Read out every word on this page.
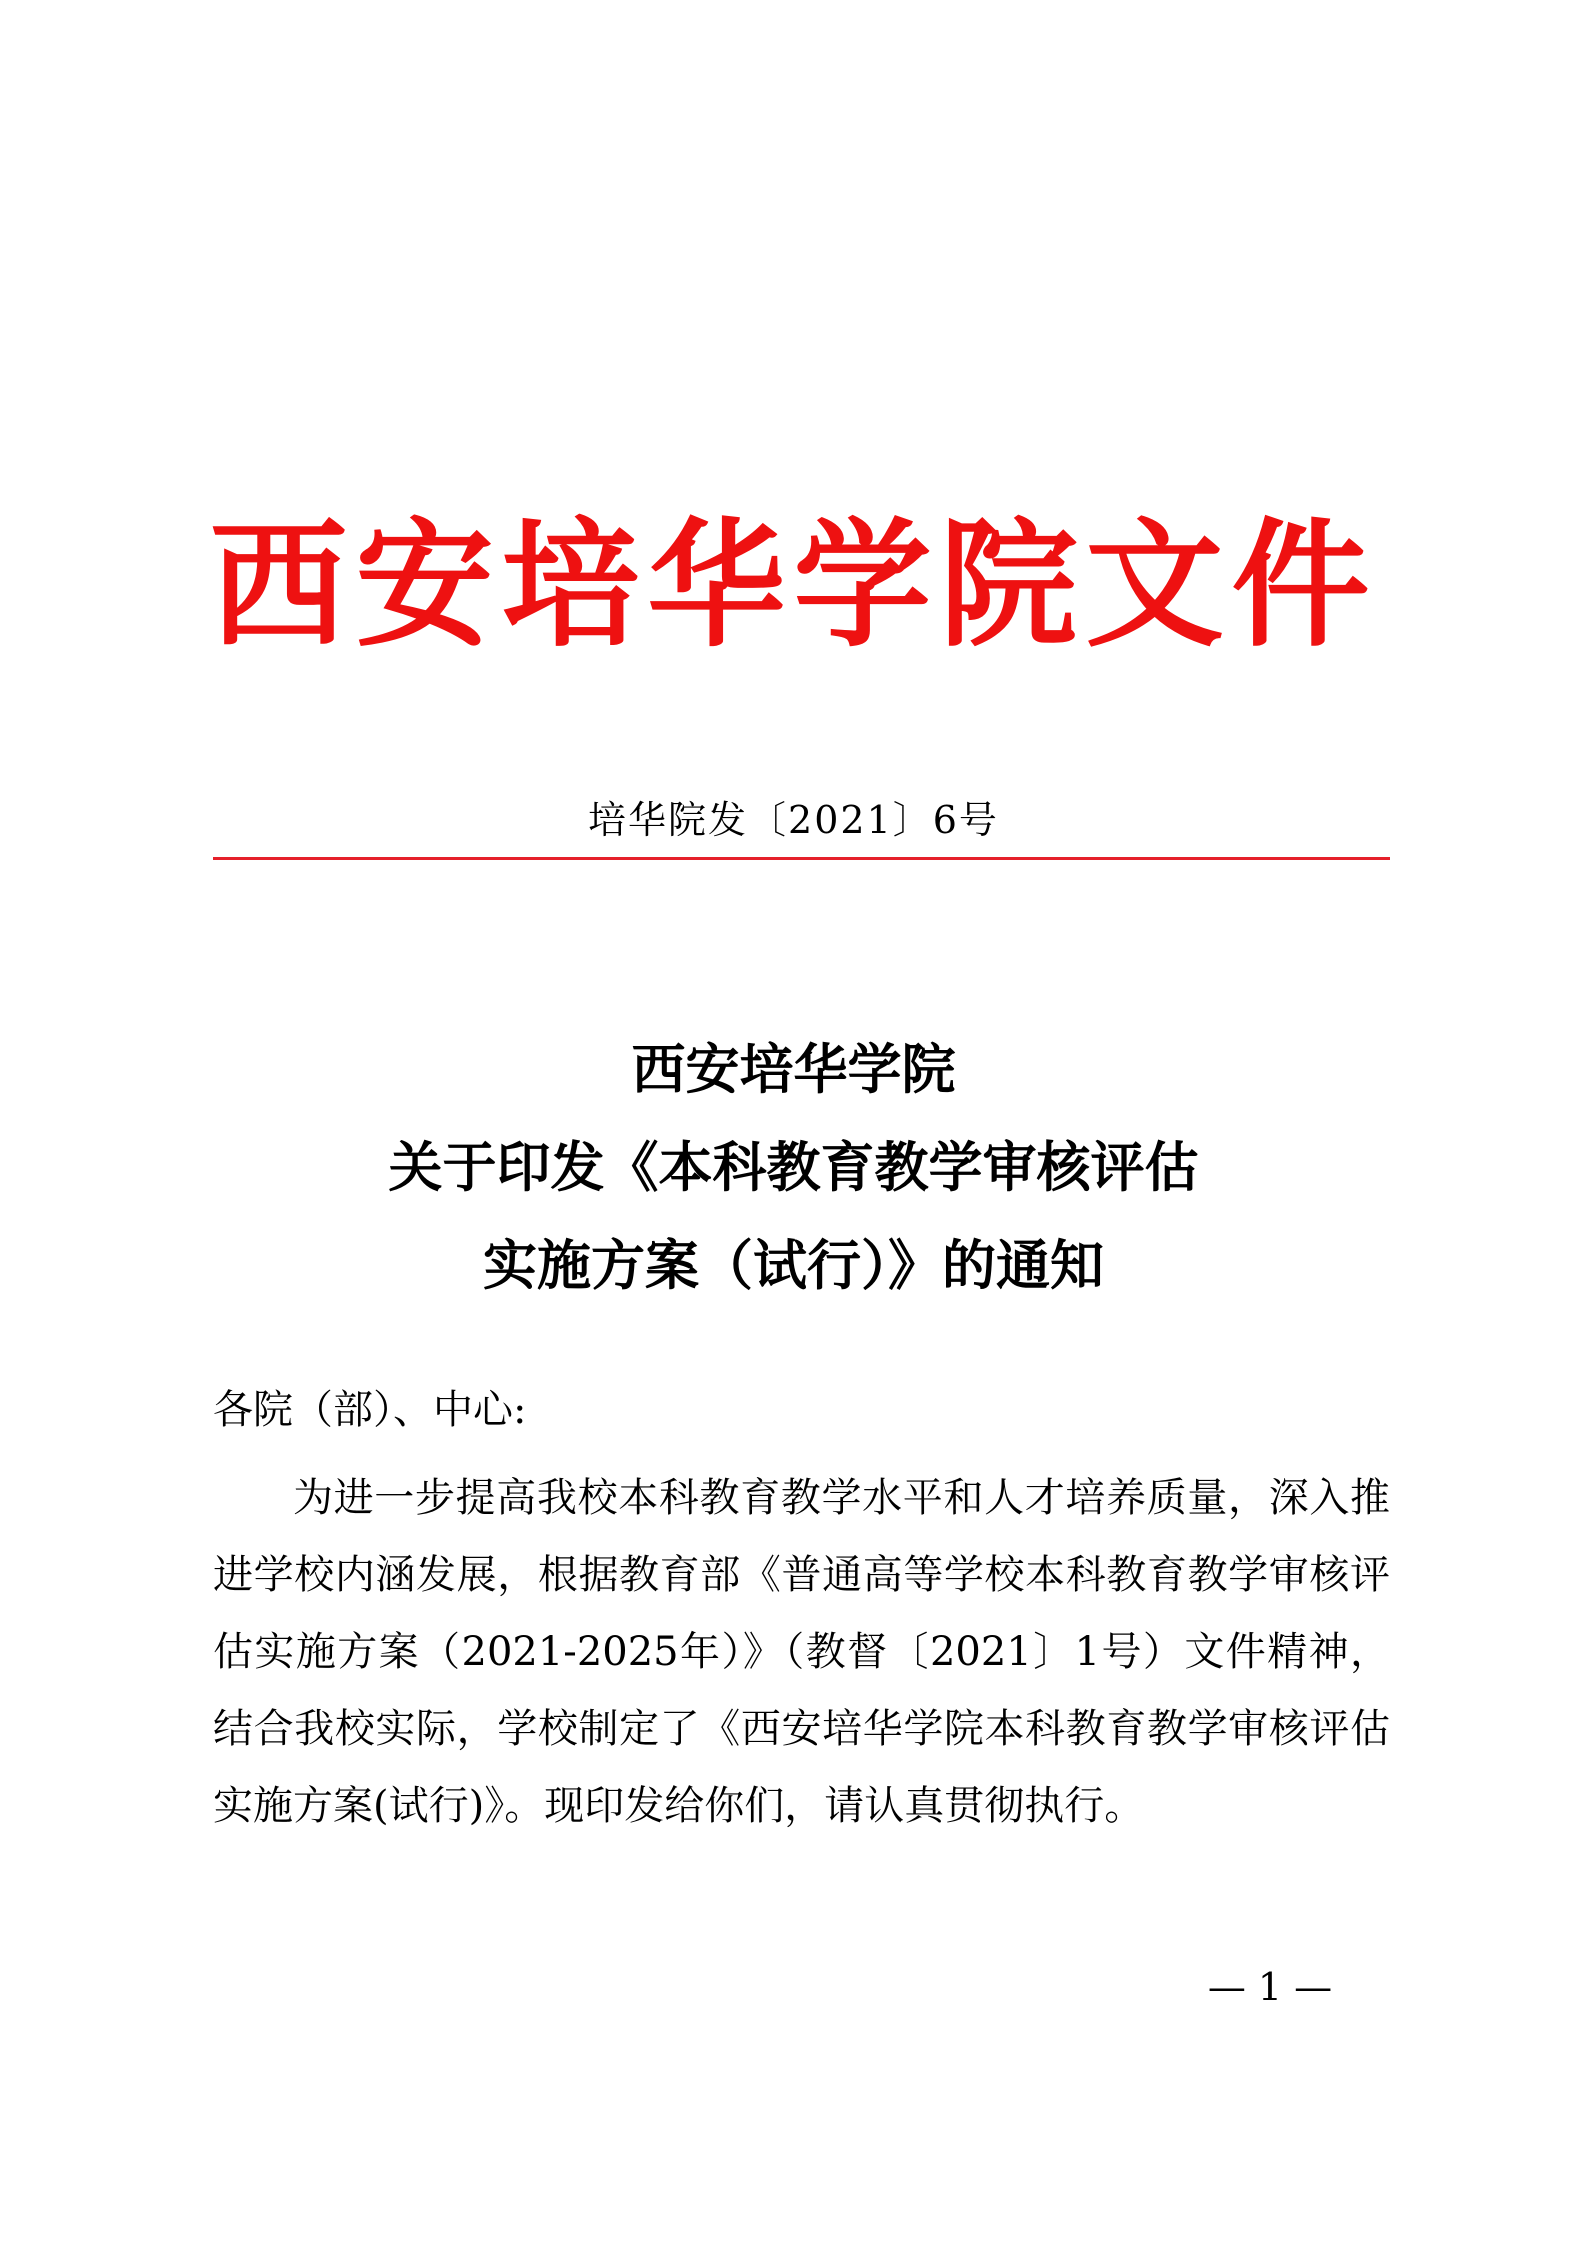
西安培华学院文件
培华院发〔2021〕6号
西安培华学院
关于印发《本科教育教学审核评估
实施方案（试行）》的通知
各院（部）、中心:
为进一步提高我校本科教育教学水平和人才培养质量，深入推进学校内涵发展，根据教育部《普通高等学校本科教育教学审核评估实施方案（2021-2025年）》（教督〔2021〕1号）文件精神，结合我校实际，学校制定了《西安培华学院本科教育教学审核评估实施方案(试行)》。现印发给你们，请认真贯彻执行。
— 1 —
